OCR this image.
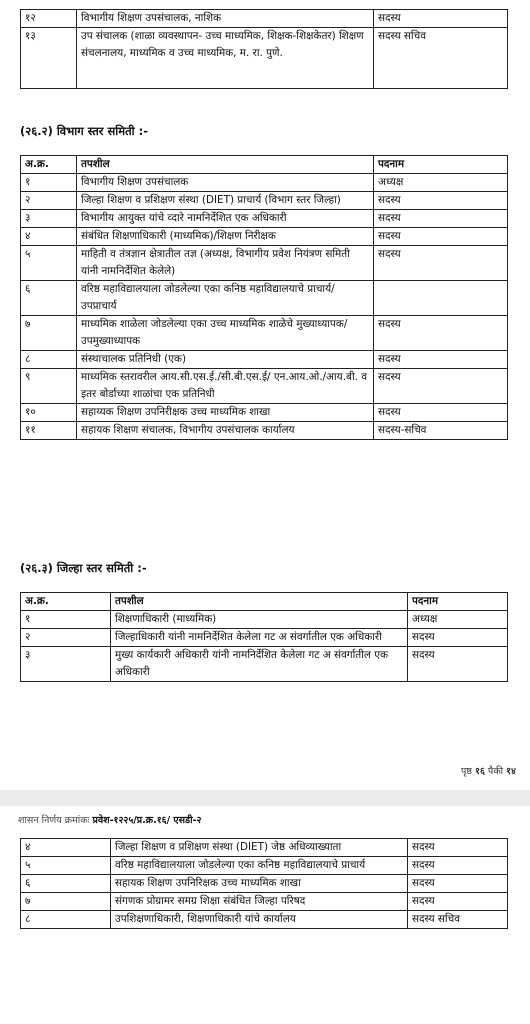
१२	विभागीय शिक्षण उपसंचालक, नाशिक	सदस्य
१३	उप संचालक (शाळा व्यवस्थापन- उच्च माध्यमिक, शिक्षक-शिक्षकेतर) शिक्षण संचलनालय, माध्यमिक व उच्च माध्यमिक, म. रा. पुणे.	सदस्य सचिव
(२६.२) विभाग स्तर समिती :-
अ.क्र.	तपशील	पदनाम
१	विभागीय शिक्षण उपसंचालक	अध्यक्ष
२	जिल्हा शिक्षण व प्रशिक्षण संस्था (DIET) प्राचार्य (विभाग स्तर जिल्हा)	सदस्य
३	विभागीय आयुक्त यांचे व्दारे नामनिर्देशित एक अधिकारी	सदस्य
४	संबंधित शिक्षणाधिकारी (माध्यमिक)/शिक्षण निरीक्षक	सदस्य
५	माहिती व तंत्रज्ञान क्षेत्रातील तज्ञ (अध्यक्ष, विभागीय प्रवेश नियंत्रण समिती यांनी नामनिर्देशित केलेले)	सदस्य
६	वरिष्ठ महाविद्यालयाला जोडलेल्या एका कनिष्ठ महाविद्यालयाचे प्राचार्य/उपप्राचार्य	
७	माध्यमिक शाळेला जोडलेल्या एका उच्च माध्यमिक शाळेचे मुख्याध्यापक/उपमुख्याध्यापक	सदस्य
८	संस्थाचालक प्रतिनिधी (एक)	सदस्य
९	माध्यमिक स्तरावरील आय.सी.एस.ई./सी.बी.एस.ई/ एन.आय.ओ./आय.बी. व इतर बोर्डाच्या शाळांचा एक प्रतिनिधी	सदस्य
१०	सहाय्यक शिक्षण उपनिरीक्षक उच्च माध्यमिक शाखा	सदस्य
११	सहायक शिक्षण संचालक, विभागीय उपसंचालक कार्यालय	सदस्य-सचिव
(२६.३) जिल्हा स्तर समिती :-
अ.क्र.	तपशील	पदनाम
१	शिक्षणाधिकारी (माध्यमिक)	अध्यक्ष
२	जिल्हाधिकारी यांनी नामनिर्देशित केलेला गट अ संवर्गातील एक अधिकारी	सदस्य
३	मुख्य कार्यकारी अधिकारी यांनी नामनिर्देशित केलेला गट अ संवर्गातील एक अधिकारी	सदस्य
पृष्ठ १६ पैकी १४
शासन निर्णय क्रमांकः प्रवेश-१२२५/प्र.क्र.१६/ एसडी-२
४	जिल्हा शिक्षण व प्रशिक्षण संस्था (DIET) जेष्ठ अधिव्याख्याता	सदस्य
५	वरिष्ठ महाविद्यालयाला जोडलेल्या एका कनिष्ठ महाविद्यालयाचे प्राचार्य	सदस्य
६	सहायक शिक्षण उपनिरिक्षक उच्च माध्यमिक शाखा	सदस्य
७	संगणक प्रोग्रामर समग्र शिक्षा संबंधित जिल्हा परिषद	सदस्य
८	उपशिक्षणाधिकारी, शिक्षणाधिकारी यांचे कार्यालय	सदस्य सचिव
